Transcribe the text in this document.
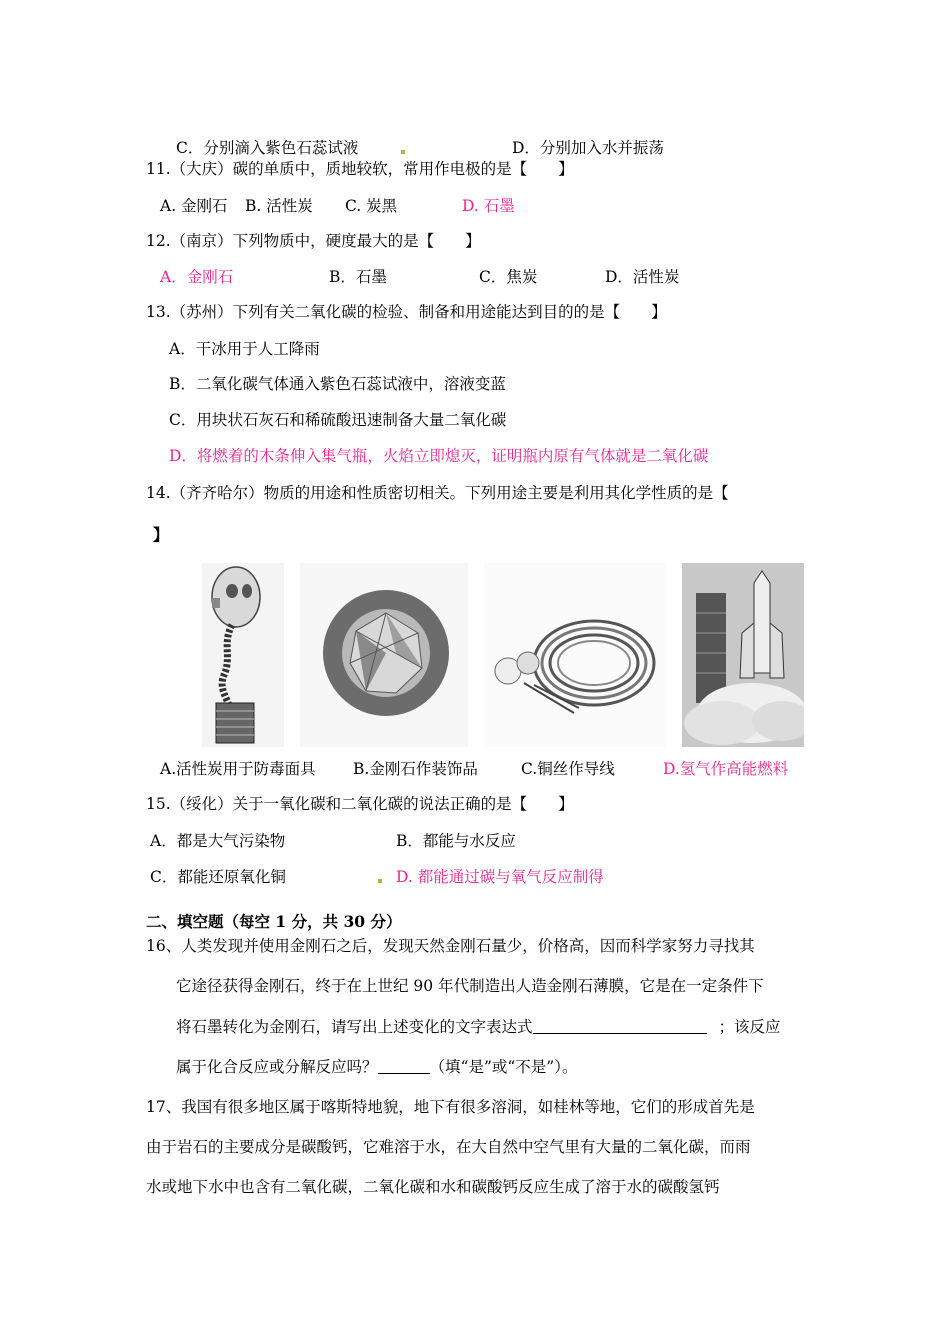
C．分别滴入紫色石蕊试液	D．分别加入水并振荡
11.（大庆）碳的单质中，质地较软，常用作电极的是【　　】
A. 金刚石 B. 活性炭 C. 炭黑	D. 石墨
12.（南京）下列物质中，硬度最大的是【　　】
A．金刚石	B．石墨	C．焦炭	D．活性炭
13.（苏州）下列有关二氧化碳的检验、制备和用途能达到目的的是【　　】
A．干冰用于人工降雨
B．二氧化碳气体通入紫色石蕊试液中，溶液变蓝
C．用块状石灰石和稀硫酸迅速制备大量二氧化碳
D．将燃着的木条伸入集气瓶，火焰立即熄灭，证明瓶内原有气体就是二氧化碳
14.（齐齐哈尔）物质的用途和性质密切相关。下列用途主要是利用其化学性质的是【
】
A.活性炭用于防毒面具 B.金刚石作装饰品	C.铜丝作导线	D.氢气作高能燃料
15.（绥化）关于一氧化碳和二氧化碳的说法正确的是【　　】
A．都是大气污染物	B．都能与水反应
C．都能还原氧化铜	D. 都能通过碳与氧气反应制得
二、填空题（每空 1 分，共 30 分）
16、人类发现并使用金刚石之后，发现天然金刚石量少，价格高，因而科学家努力寻找其
它途径获得金刚石，终于在上世纪 90 年代制造出人造金刚石薄膜，它是在一定条件下
将石墨转化为金刚石，请写出上述变化的文字表达式	；该反应
属于化合反应或分解反应吗？	（填“是”或“不是”）。
17、我国有很多地区属于喀斯特地貌，地下有很多溶洞，如桂林等地，它们的形成首先是
由于岩石的主要成分是碳酸钙，它难溶于水，在大自然中空气里有大量的二氧化碳，而雨
水或地下水中也含有二氧化碳，二氧化碳和水和碳酸钙反应生成了溶于水的碳酸氢钙
